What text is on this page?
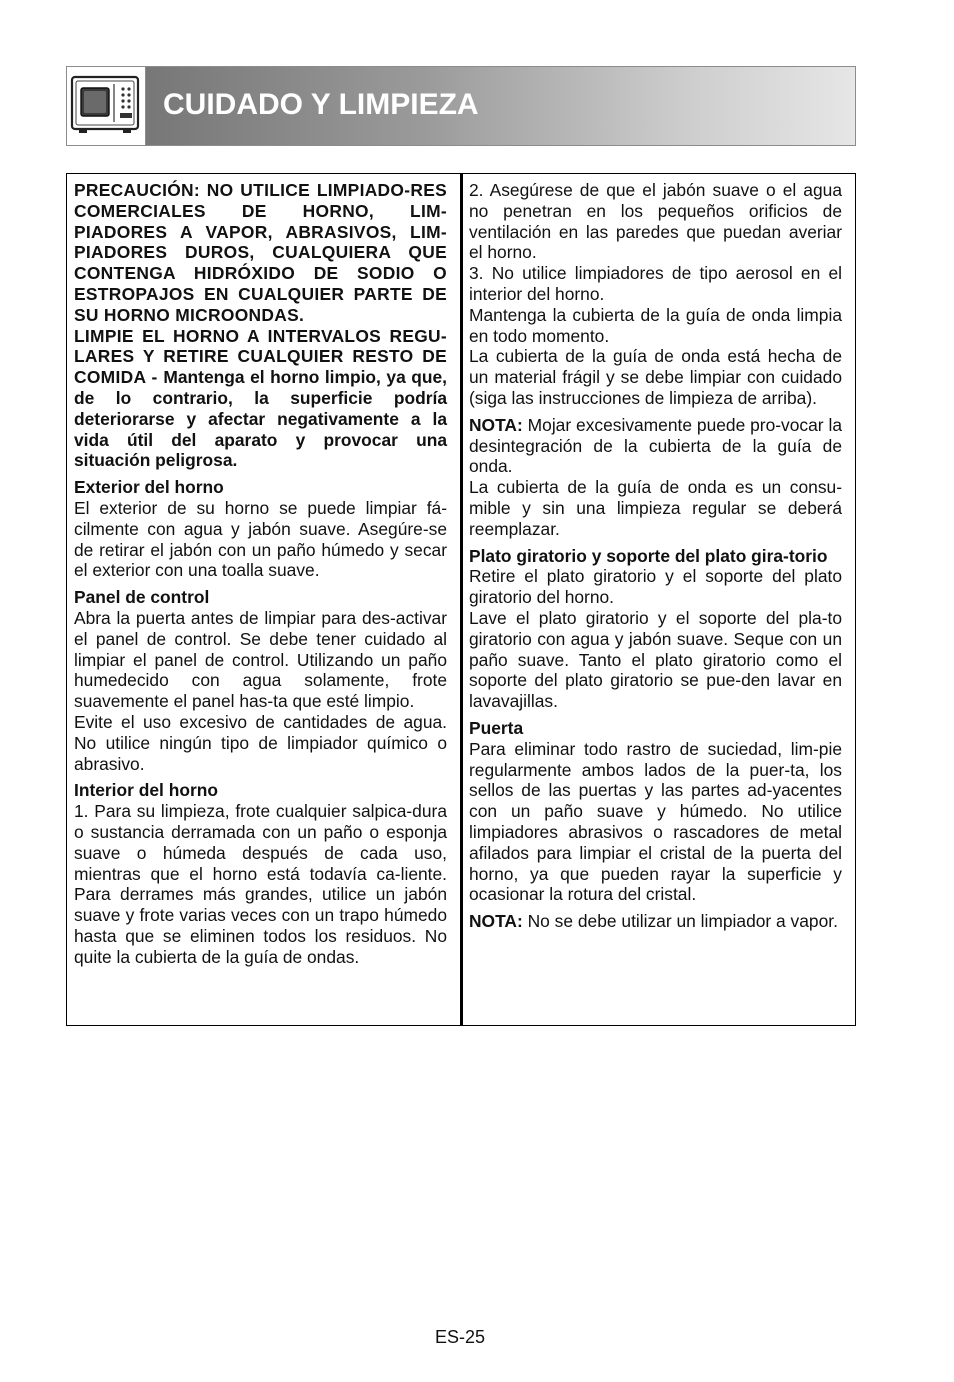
CUIDADO Y LIMPIEZA

PRECAUCIÓN: NO UTILICE LIMPIADO-RES COMERCIALES DE HORNO, LIM-PIADORES A VAPOR, ABRASIVOS, LIM-PIADORES DUROS, CUALQUIERA QUE CONTENGA HIDRÓXIDO DE SODIO O ESTROPAJOS EN CUALQUIER PARTE DE SU HORNO MICROONDAS.

LIMPIE EL HORNO A INTERVALOS REGU-LARES Y RETIRE CUALQUIER RESTO DE COMIDA - Mantenga el horno limpio, ya que, de lo contrario, la superficie podría deteriorarse y afectar negativamente a la vida útil del aparato y provocar una situación peligrosa.

Exterior del horno

El exterior de su horno se puede limpiar fá-cilmente con agua y jabón suave. Asegúre-se de retirar el jabón con un paño húmedo y secar el exterior con una toalla suave.

Panel de control

Abra la puerta antes de limpiar para des-activar el panel de control. Se debe tener cuidado al limpiar el panel de control. Utilizando un paño humedecido con agua solamente, frote suavemente el panel has-ta que esté limpio.

Evite el uso excesivo de cantidades de agua. No utilice ningún tipo de limpiador químico o abrasivo.

Interior del horno

1. Para su limpieza, frote cualquier salpica-dura o sustancia derramada con un paño o esponja suave o húmeda después de cada uso, mientras que el horno está todavía ca-liente. Para derrames más grandes, utilice un jabón suave y frote varias veces con un trapo húmedo hasta que se eliminen todos los residuos. No quite la cubierta de la guía de ondas.

2. Asegúrese de que el jabón suave o el agua no penetran en los pequeños orificios de ventilación en las paredes que puedan averiar el horno.

3. No utilice limpiadores de tipo aerosol en el interior del horno.

Mantenga la cubierta de la guía de onda limpia en todo momento.

La cubierta de la guía de onda está hecha de un material frágil y se debe limpiar con cuidado (siga las instrucciones de limpieza de arriba).

NOTA: Mojar excesivamente puede pro-vocar la desintegración de la cubierta de la guía de onda.

La cubierta de la guía de onda es un consu-mible y sin una limpieza regular se deberá reemplazar.

Plato giratorio y soporte del plato gira-torio

Retire el plato giratorio y el soporte del plato giratorio del horno.

Lave el plato giratorio y el soporte del pla-to giratorio con agua y jabón suave. Seque con un paño suave. Tanto el plato giratorio como el soporte del plato giratorio se pue-den lavar en lavavajillas.

Puerta

Para eliminar todo rastro de suciedad, lim-pie regularmente ambos lados de la puer-ta, los sellos de las puertas y las partes ad-yacentes con un paño suave y húmedo. No utilice limpiadores abrasivos o rascadores de metal afilados para limpiar el cristal de la puerta del horno, ya que pueden rayar la superficie y ocasionar la rotura del cristal.

NOTA: No se debe utilizar un limpiador a vapor.

ES-25
